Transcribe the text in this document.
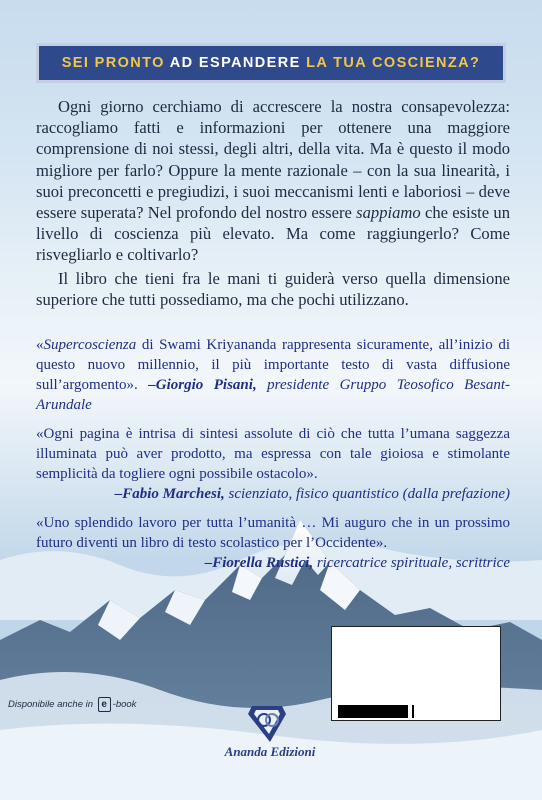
SEI PRONTO AD ESPANDERE LA TUA COSCIENZA?

Ogni giorno cerchiamo di accrescere la nostra consapevolezza: raccogliamo fatti e informazioni per ottenere una maggiore comprensione di noi stessi, degli altri, della vita. Ma è questo il modo migliore per farlo? Oppure la mente razionale – con la sua linearità, i suoi preconcetti e pregiudizi, i suoi meccanismi lenti e laboriosi – deve essere superata? Nel profondo del nostro essere sappiamo che esiste un livello di coscienza più elevato. Ma come raggiungerlo? Come risvegliarlo e coltivarlo?

Il libro che tieni fra le mani ti guiderà verso quella dimensione superiore che tutti possediamo, ma che pochi utilizzano.

«Supercoscienza di Swami Kriyananda rappresenta sicuramente, all’inizio di questo nuovo millennio, il più importante testo di vasta diffusione sull’argomento». –Giorgio Pisani, presidente Gruppo Teosofico Besant-Arundale

«Ogni pagina è intrisa di sintesi assolute di ciò che tutta l’umana saggezza illuminata può aver prodotto, ma espressa con tale gioiosa e stimolante semplicità da togliere ogni possibile ostacolo».
–Fabio Marchesi, scienziato, fisico quantistico (dalla prefazione)
«Uno splendido lavoro per tutta l’umanità … Mi auguro che in un prossimo futuro diventi un libro di testo scolastico per l’Occidente».
–Fiorella Rustici, ricercatrice spirituale, scrittrice
Disponibile anche in
e -book
Ananda Edizioni
